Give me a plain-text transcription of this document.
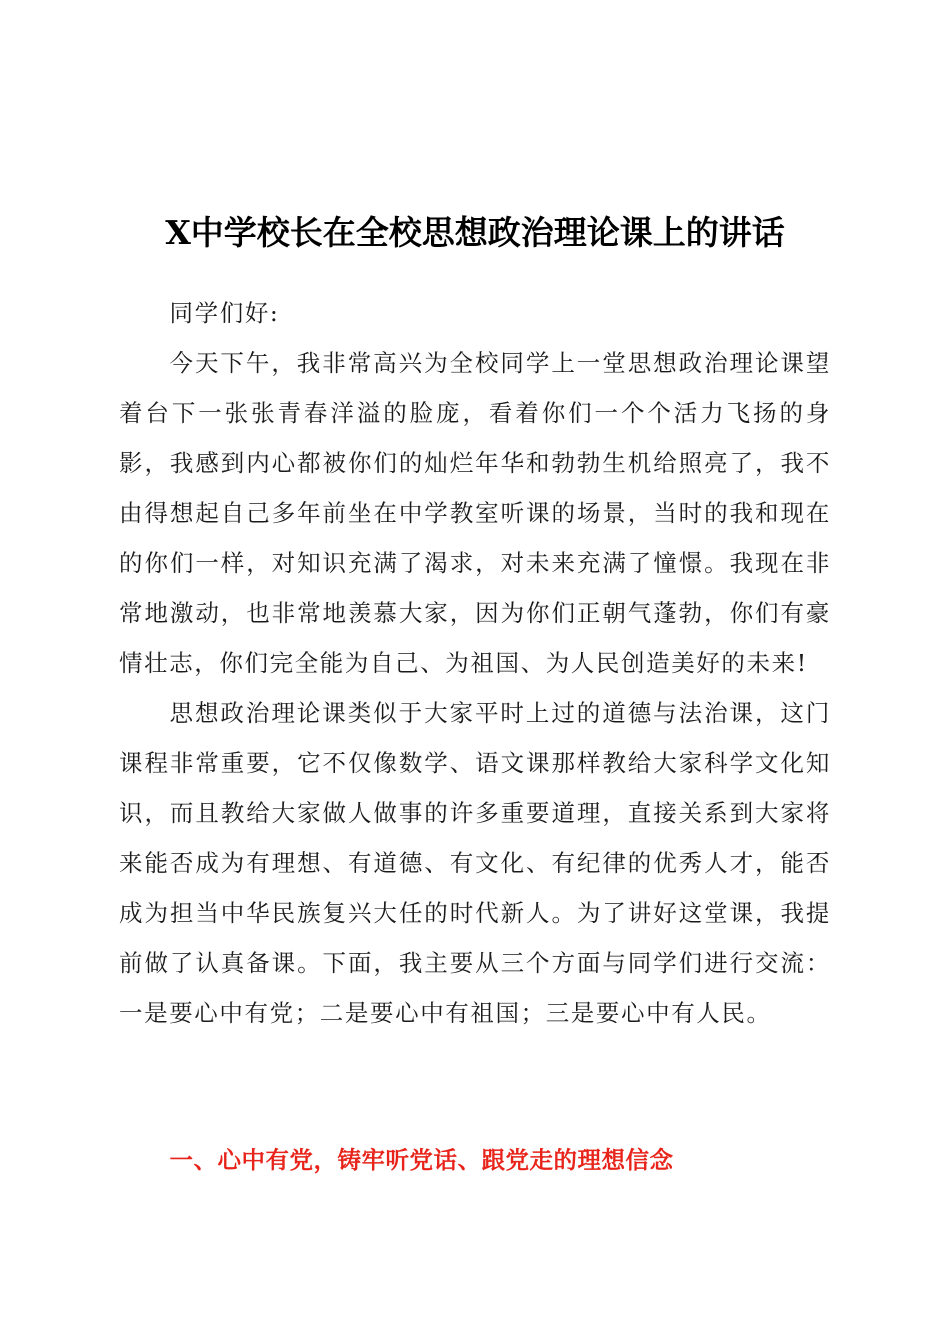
X中学校长在全校思想政治理论课上的讲话

同学们好:

今天下午，我非常高兴为全校同学上一堂思想政治理论课望着台下一张张青春洋溢的脸庞，看着你们一个个活力飞扬的身影，我感到内心都被你们的灿烂年华和勃勃生机给照亮了，我不由得想起自己多年前坐在中学教室听课的场景，当时的我和现在的你们一样，对知识充满了渴求，对未来充满了憧憬。我现在非常地激动，也非常地羡慕大家，因为你们正朝气蓬勃，你们有豪情壮志，你们完全能为自己、为祖国、为人民创造美好的未来!

思想政治理论课类似于大家平时上过的道德与法治课，这门课程非常重要，它不仅像数学、语文课那样教给大家科学文化知识，而且教给大家做人做事的许多重要道理，直接关系到大家将来能否成为有理想、有道德、有文化、有纪律的优秀人才，能否成为担当中华民族复兴大任的时代新人。为了讲好这堂课，我提前做了认真备课。下面，我主要从三个方面与同学们进行交流：一是要心中有党；二是要心中有祖国；三是要心中有人民。

一、心中有党，铸牢听党话、跟党走的理想信念
